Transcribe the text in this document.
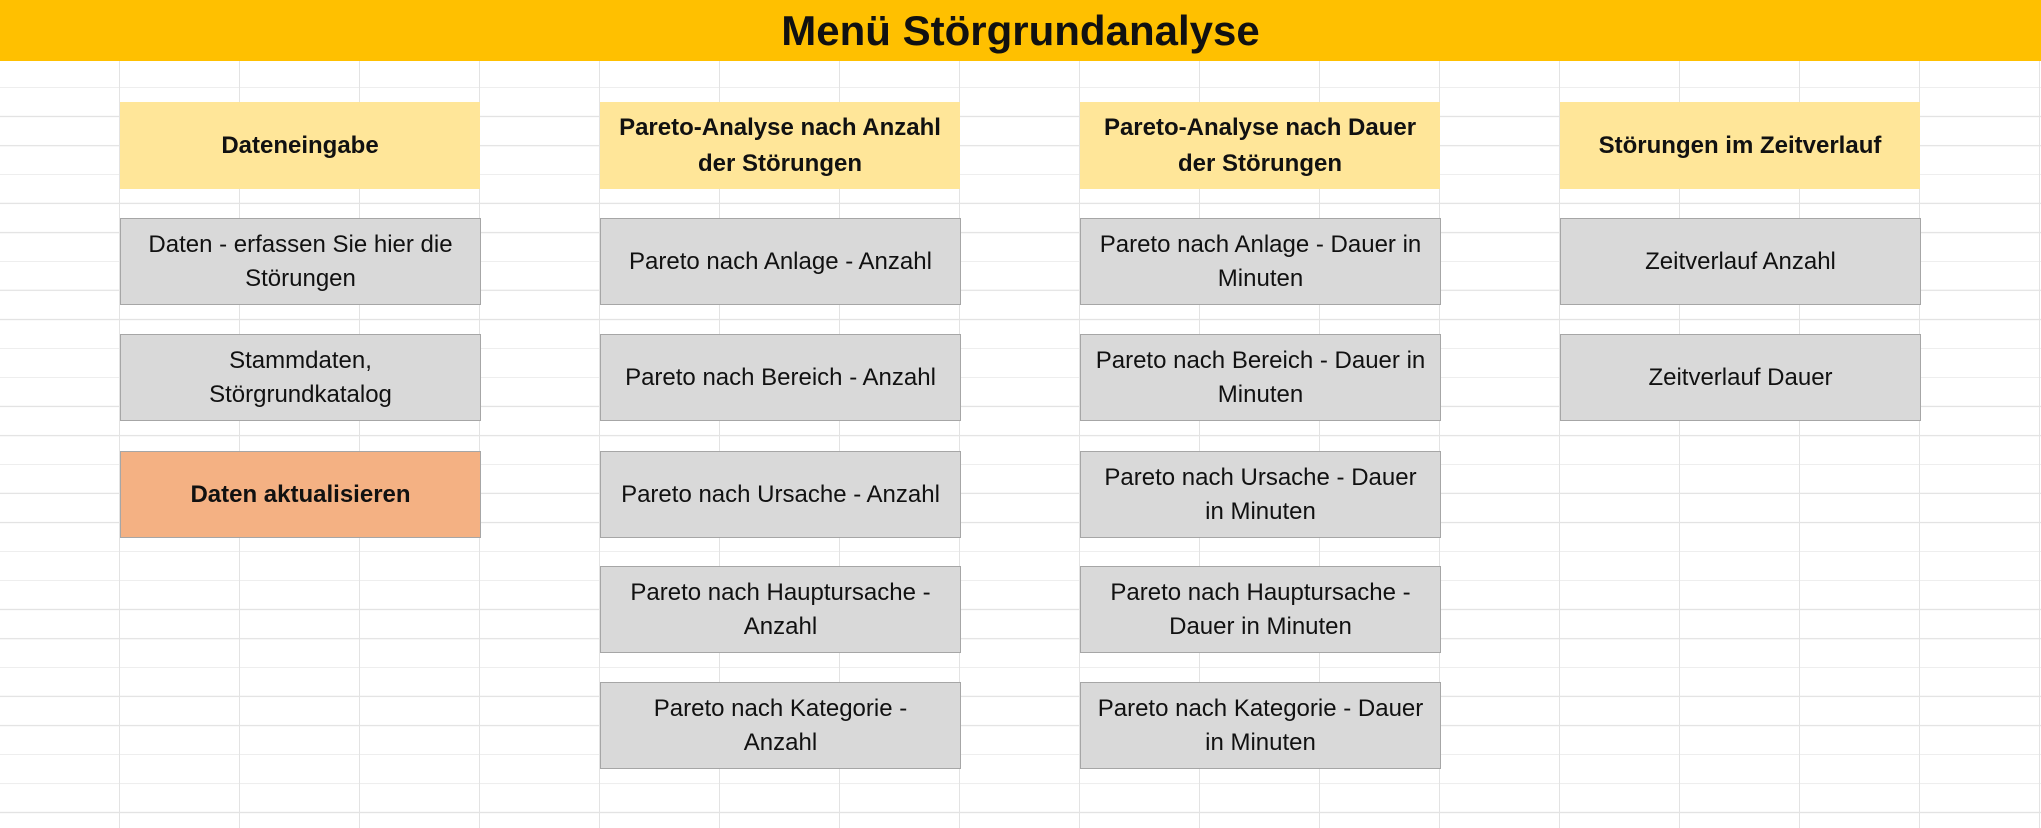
Menü Störgrundanalyse
Dateneingabe
Daten - erfassen Sie hier die Störungen
Stammdaten, Störgrundkatalog
Daten aktualisieren
Pareto-Analyse nach Anzahl der Störungen
Pareto nach Anlage - Anzahl
Pareto nach Bereich - Anzahl
Pareto nach Ursache - Anzahl
Pareto nach Hauptursache - Anzahl
Pareto nach Kategorie - Anzahl
Pareto-Analyse nach Dauer der Störungen
Pareto nach Anlage - Dauer in Minuten
Pareto nach Bereich - Dauer in Minuten
Pareto nach Ursache - Dauer in Minuten
Pareto nach Hauptursache - Dauer in Minuten
Pareto nach Kategorie - Dauer in Minuten
Störungen im Zeitverlauf
Zeitverlauf Anzahl
Zeitverlauf Dauer
